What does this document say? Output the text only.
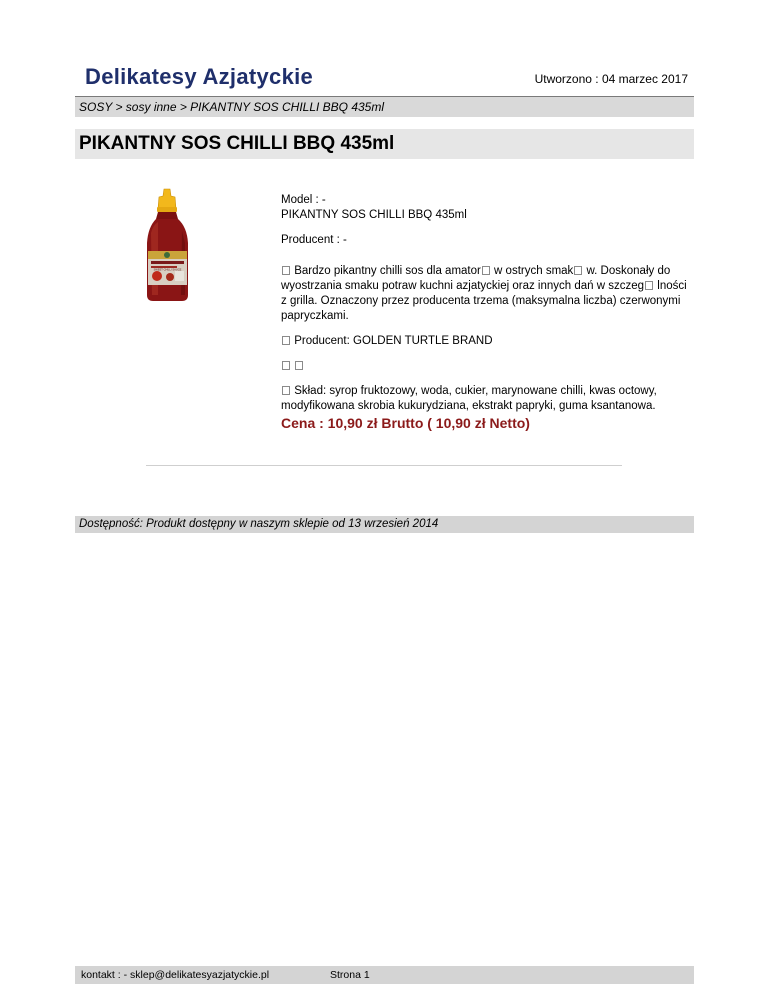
Delikatesy Azjatyckie	Utworzono : 04 marzec 2017
SOSY > sosy inne > PIKANTNY SOS CHILLI BBQ 435ml
PIKANTNY SOS CHILLI BBQ 435ml
SWEET CHILLI SAUCE

Model : -

PIKANTNY SOS CHILLI BBQ 435ml

Producent : -

Bardzo pikantny chilli sos dla amator w ostrych smak w. Doskonały do wyostrzania smaku potraw kuchni azjatyckiej oraz innych dań w szczeg lności z grilla. Oznaczony przez producenta trzema (maksymalna liczba) czerwonymi papryczkami.

Producent: GOLDEN TURTLE BRAND

Skład: syrop fruktozowy, woda, cukier, marynowane chilli, kwas octowy, modyfikowana skrobia kukurydziana, ekstrakt papryki, guma ksantanowa.

Cena : 10,90 zł Brutto ( 10,90 zł Netto)

Dostępność: Produkt dostępny w naszym sklepie od 13 wrzesień 2014
kontakt : - sklep@delikatesyazjatyckie.pl	Strona 1
